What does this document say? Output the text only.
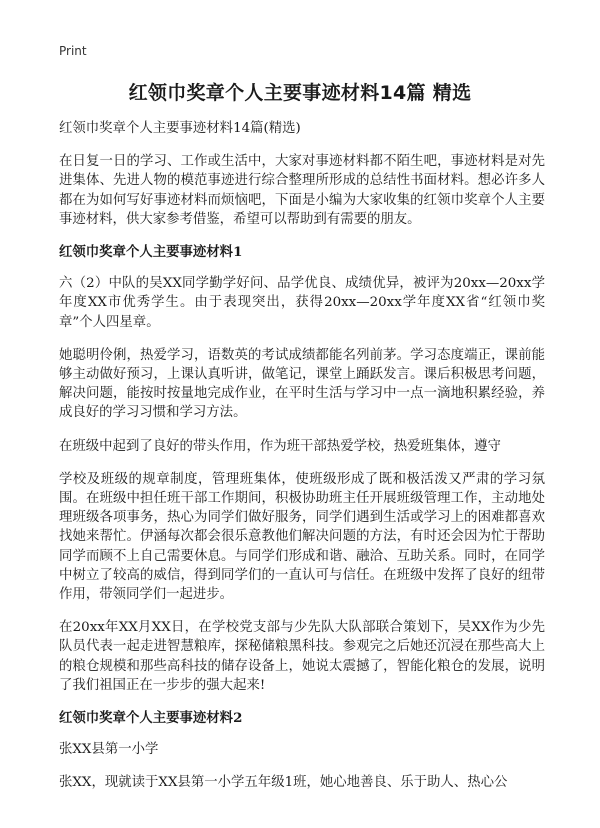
Print
红领巾奖章个人主要事迹材料14篇 精选

红领巾奖章个人主要事迹材料14篇(精选)

在日复一日的学习、工作或生活中，大家对事迹材料都不陌生吧，事迹材料是对先进集体、先进人物的模范事迹进行综合整理所形成的总结性书面材料。想必许多人都在为如何写好事迹材料而烦恼吧，下面是小编为大家收集的红领巾奖章个人主要事迹材料，供大家参考借鉴，希望可以帮助到有需要的朋友。

红领巾奖章个人主要事迹材料1

六（2）中队的吴XX同学勤学好问、品学优良、成绩优异，被评为20xx—20xx学年度XX市优秀学生。由于表现突出，获得20xx—20xx学年度XX省“红领巾奖章”个人四星章。

她聪明伶俐，热爱学习，语数英的考试成绩都能名列前茅。学习态度端正，课前能够主动做好预习，上课认真听讲，做笔记，课堂上踊跃发言。课后积极思考问题，解决问题，能按时按量地完成作业，在平时生活与学习中一点一滴地积累经验，养成良好的学习习惯和学习方法。

在班级中起到了良好的带头作用，作为班干部热爱学校，热爱班集体，遵守

学校及班级的规章制度，管理班集体，使班级形成了既和极活泼又严肃的学习氛围。在班级中担任班干部工作期间，积极协助班主任开展班级管理工作，主动地处理班级各项事务，热心为同学们做好服务，同学们遇到生活或学习上的困难都喜欢找她来帮忙。伊涵每次都会很乐意教他们解决问题的方法，有时还会因为忙于帮助同学而顾不上自己需要休息。与同学们形成和谐、融洽、互助关系。同时，在同学中树立了较高的威信，得到同学们的一直认可与信任。在班级中发挥了良好的纽带作用，带领同学们一起进步。

在20xx年XX月XX日，在学校党支部与少先队大队部联合策划下，吴XX作为少先队员代表一起走进智慧粮库，探秘储粮黑科技。参观完之后她还沉浸在那些高大上的粮仓规模和那些高科技的储存设备上，她说太震撼了，智能化粮仓的发展，说明了我们祖国正在一步步的强大起来!

红领巾奖章个人主要事迹材料2

张XX县第一小学

张XX，现就读于XX县第一小学五年级1班，她心地善良、乐于助人、热心公
